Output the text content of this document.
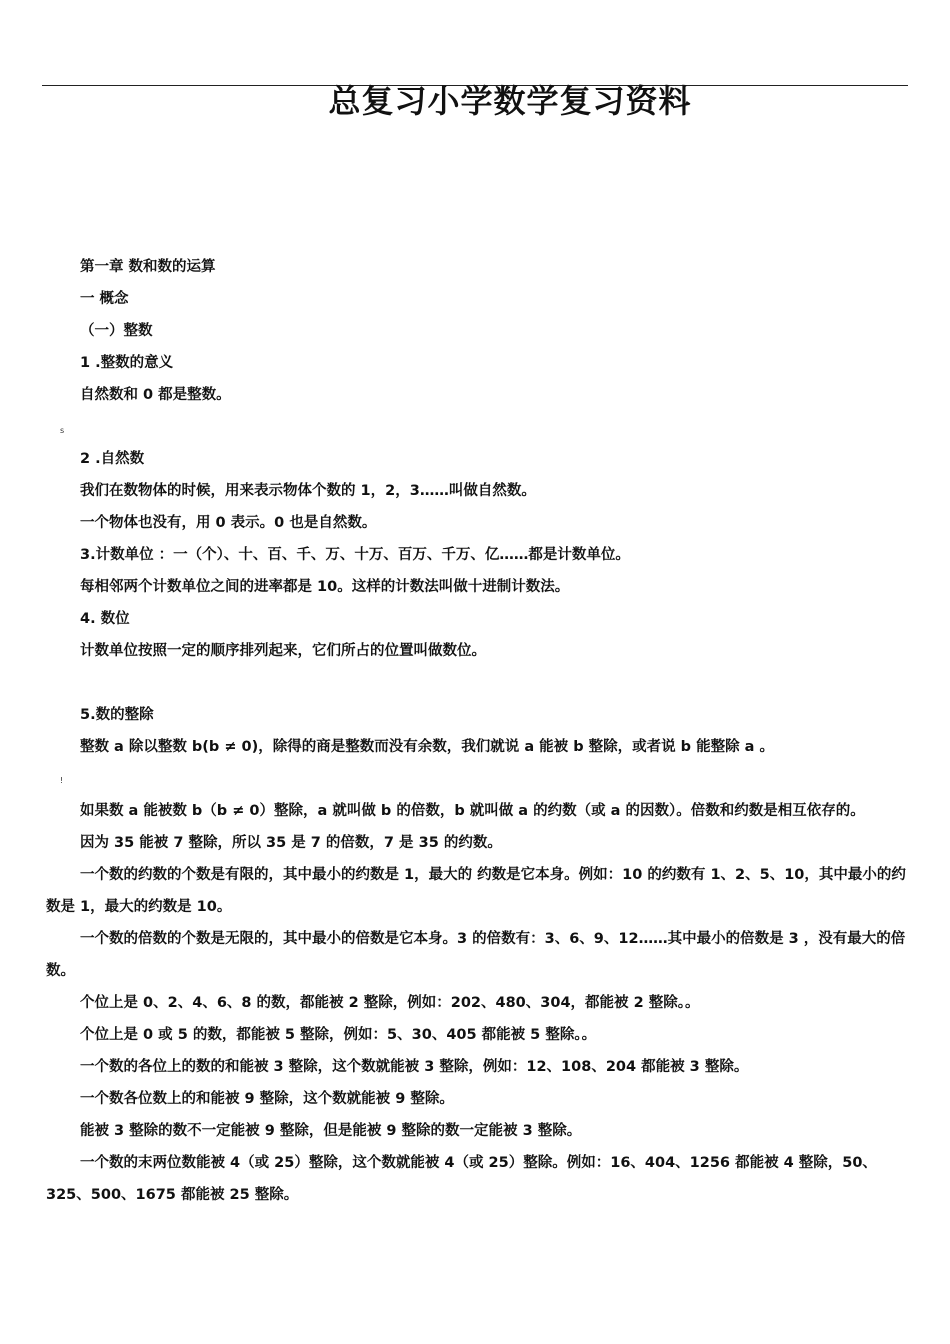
总复习小学数学复习资料
s
!

第一章 数和数的运算

一 概念

（一）整数

1 .整数的意义

自然数和 0 都是整数。

2 .自然数

我们在数物体的时候，用来表示物体个数的 1，2，3……叫做自然数。

一个物体也没有，用 0 表示。0 也是自然数。

3.计数单位 ：一（个）、十、百、千、万、十万、百万、千万、亿……都是计数单位。

每相邻两个计数单位之间的进率都是 10。这样的计数法叫做十进制计数法。

4. 数位

计数单位按照一定的顺序排列起来，它们所占的位置叫做数位。

5.数的整除

整数 a 除以整数 b(b ≠ 0)，除得的商是整数而没有余数，我们就说 a 能被 b 整除，或者说 b 能整除 a 。

如果数 a 能被数 b（b ≠ 0）整除，a 就叫做 b 的倍数，b 就叫做 a 的约数（或 a 的因数）。倍数和约数是相互依存的。

因为 35 能被 7 整除，所以 35 是 7 的倍数，7 是 35 的约数。

一个数的约数的个数是有限的，其中最小的约数是 1，最大的 约数是它本身。例如：10 的约数有 1、2、5、10，其中最小的约数是 1，最大的约数是 10。

一个数的倍数的个数是无限的，其中最小的倍数是它本身。3 的倍数有：3、6、9、12……其中最小的倍数是 3 ，没有最大的倍数。

个位上是 0、2、4、6、8 的数，都能被 2 整除，例如：202、480、304，都能被 2 整除。。

个位上是 0 或 5 的数，都能被 5 整除，例如：5、30、405 都能被 5 整除。。

一个数的各位上的数的和能被 3 整除，这个数就能被 3 整除，例如：12、108、204 都能被 3 整除。

一个数各位数上的和能被 9 整除，这个数就能被 9 整除。

能被 3 整除的数不一定能被 9 整除，但是能被 9 整除的数一定能被 3 整除。

一个数的末两位数能被 4（或 25）整除，这个数就能被 4（或 25）整除。例如：16、404、1256 都能被 4 整除，50、325、500、1675 都能被 25 整除。
